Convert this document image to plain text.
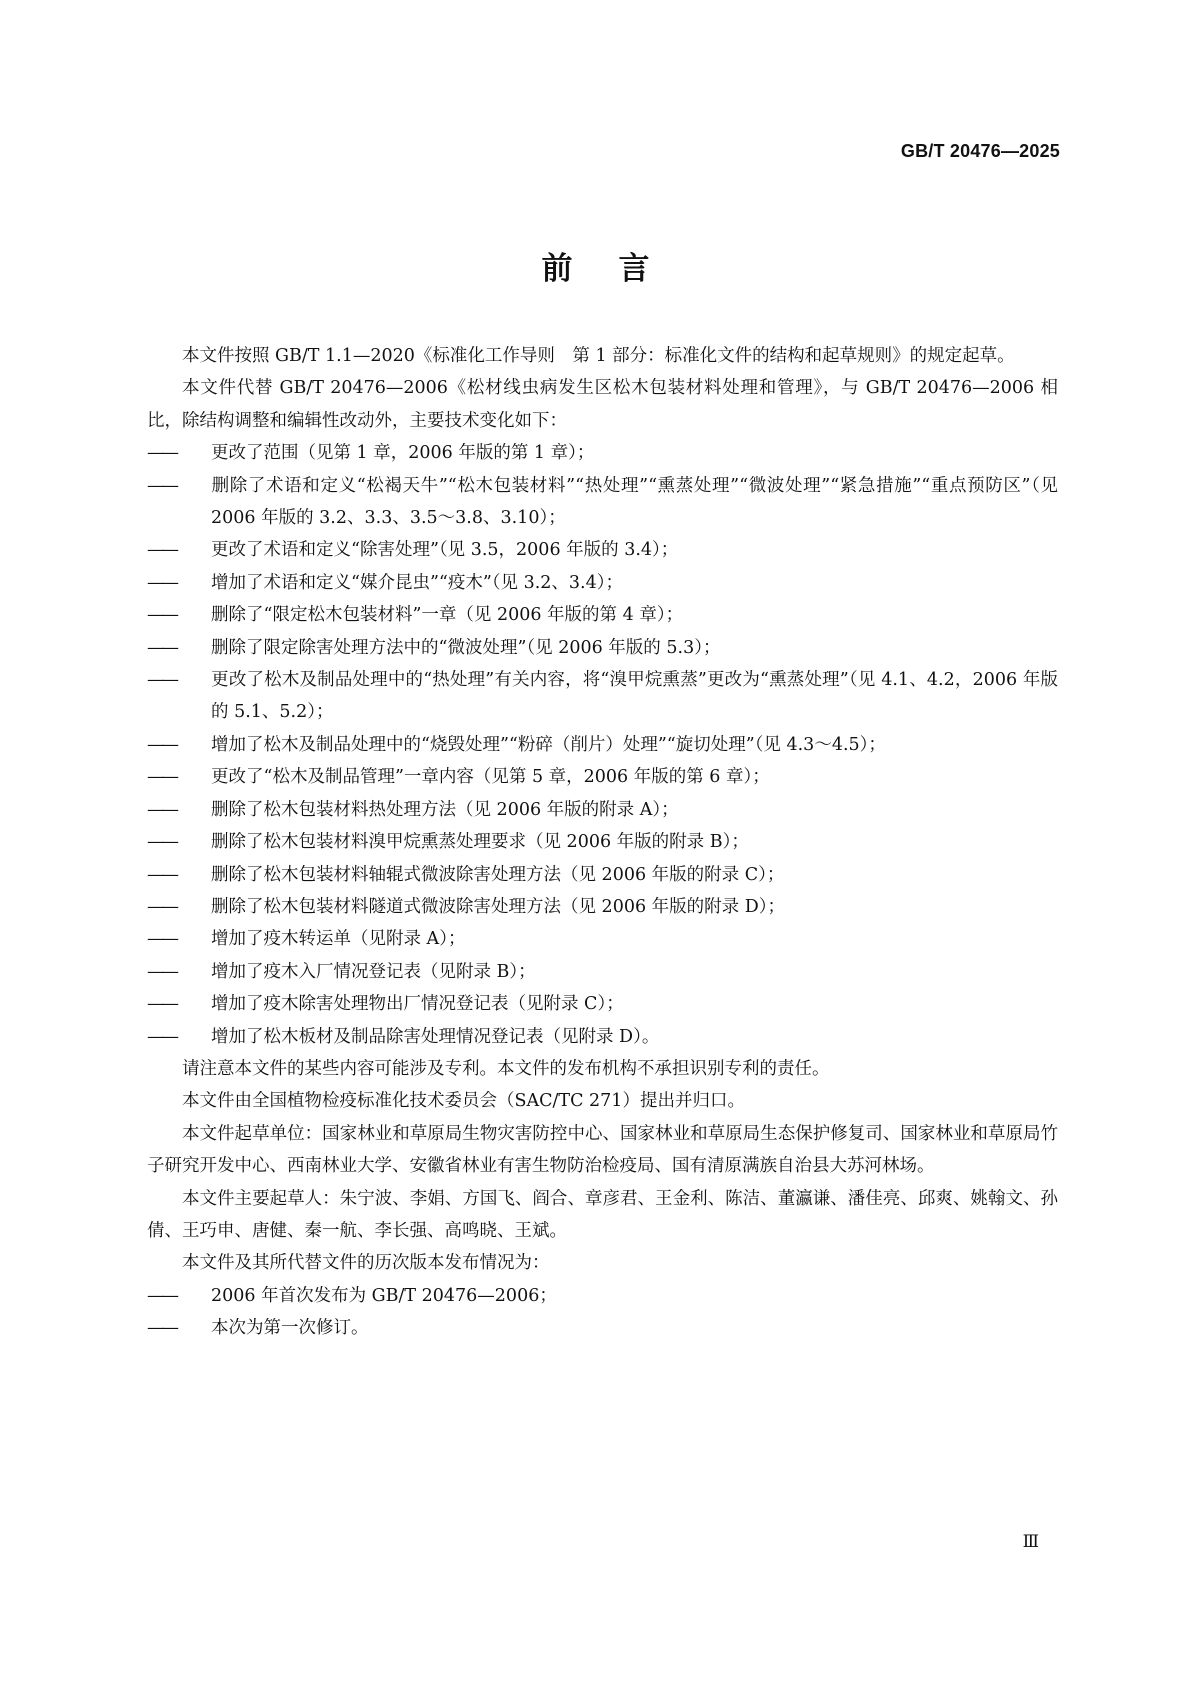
GB/T 20476—2025
前言

本文件按照 GB/T 1.1—2020《标准化工作导则　第 1 部分：标准化文件的结构和起草规则》的规定起草。

本文件代替 GB/T 20476—2006《松材线虫病发生区松木包装材料处理和管理》，与 GB/T 20476—2006 相比，除结构调整和编辑性改动外，主要技术变化如下：

—— 更改了范围（见第 1 章，2006 年版的第 1 章）；

—— 删除了术语和定义“松褐天牛”“松木包装材料”“热处理”“熏蒸处理”“微波处理”“紧急措施”“重点预防区”（见 2006 年版的 3.2、3.3、3.5～3.8、3.10）；

—— 更改了术语和定义“除害处理”（见 3.5，2006 年版的 3.4）；

—— 增加了术语和定义“媒介昆虫”“疫木”（见 3.2、3.4）；

—— 删除了“限定松木包装材料”一章（见 2006 年版的第 4 章）；

—— 删除了限定除害处理方法中的“微波处理”（见 2006 年版的 5.3）；

—— 更改了松木及制品处理中的“热处理”有关内容，将“溴甲烷熏蒸”更改为“熏蒸处理”（见 4.1、4.2，2006 年版的 5.1、5.2）；

—— 增加了松木及制品处理中的“烧毁处理”“粉碎（削片）处理”“旋切处理”（见 4.3～4.5）；

—— 更改了“松木及制品管理”一章内容（见第 5 章，2006 年版的第 6 章）；

—— 删除了松木包装材料热处理方法（见 2006 年版的附录 A）；

—— 删除了松木包装材料溴甲烷熏蒸处理要求（见 2006 年版的附录 B）；

—— 删除了松木包装材料轴辊式微波除害处理方法（见 2006 年版的附录 C）；

—— 删除了松木包装材料隧道式微波除害处理方法（见 2006 年版的附录 D）；

—— 增加了疫木转运单（见附录 A）；

—— 增加了疫木入厂情况登记表（见附录 B）；

—— 增加了疫木除害处理物出厂情况登记表（见附录 C）；

—— 增加了松木板材及制品除害处理情况登记表（见附录 D）。

请注意本文件的某些内容可能涉及专利。本文件的发布机构不承担识别专利的责任。

本文件由全国植物检疫标准化技术委员会（SAC/TC 271）提出并归口。

本文件起草单位：国家林业和草原局生物灾害防控中心、国家林业和草原局生态保护修复司、国家林业和草原局竹子研究开发中心、西南林业大学、安徽省林业有害生物防治检疫局、国有清原满族自治县大苏河林场。

本文件主要起草人：朱宁波、李娟、方国飞、阎合、章彦君、王金利、陈洁、董瀛谦、潘佳亮、邱爽、姚翰文、孙倩、王巧申、唐健、秦一航、李长强、高鸣晓、王斌。

本文件及其所代替文件的历次版本发布情况为：

—— 2006 年首次发布为 GB/T 20476—2006；

—— 本次为第一次修订。

Ⅲ
